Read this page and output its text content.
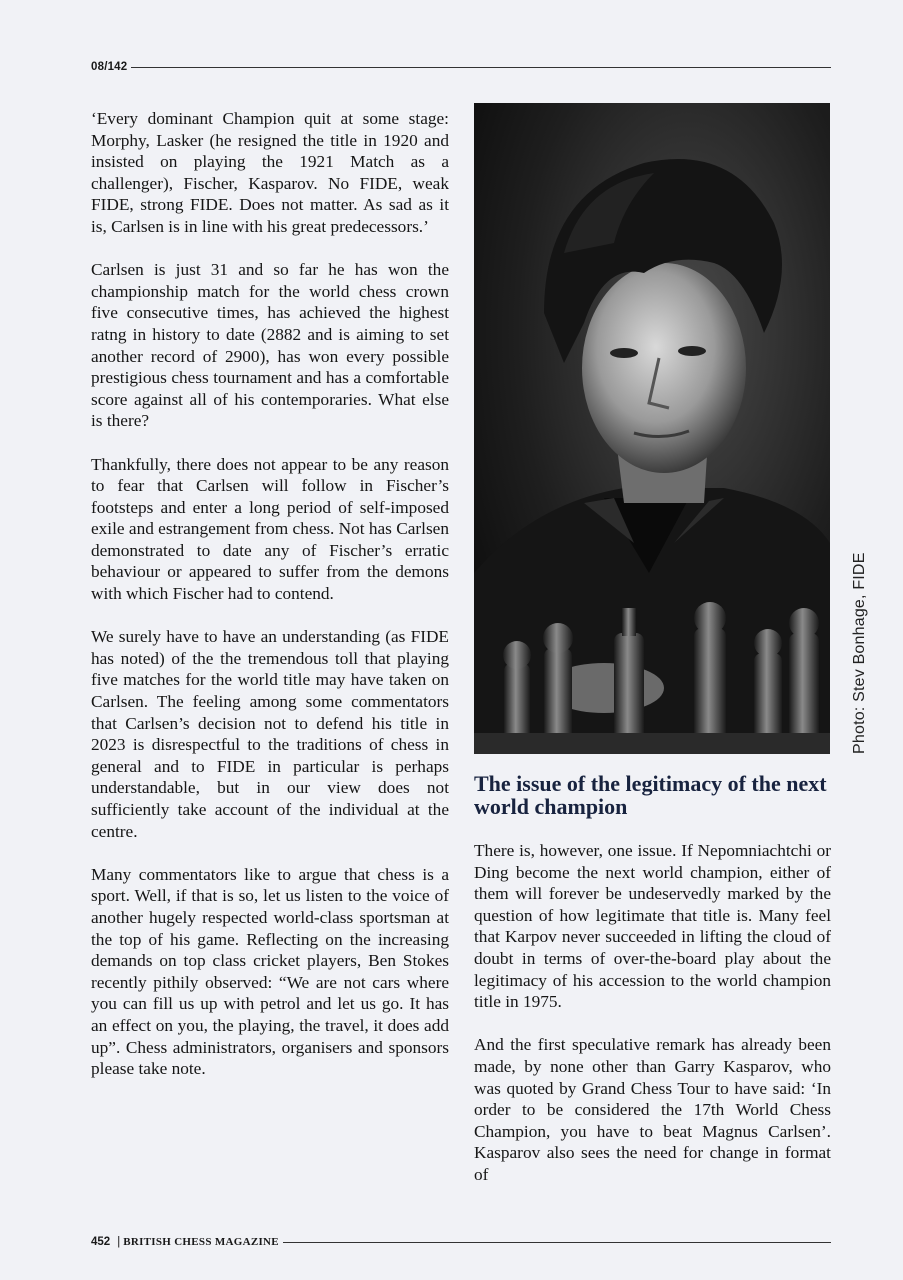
08/142

‘Every dominant Champion quit at some stage: Morphy, Lasker (he resigned the title in 1920 and insisted on playing the 1921 Match as a challenger), Fischer, Kasparov. No FIDE, weak FIDE, strong FIDE. Does not matter. As sad as it is, Carlsen is in line with his great predecessors.’

Carlsen is just 31 and so far he has won the championship match for the world chess crown five consecutive times, has achieved the highest ratng in history to date (2882 and is aiming to set another record of 2900), has won every possible prestigious chess tournament and has a comfortable score against all of his contemporaries. What else is there?

Thankfully, there does not appear to be any reason to fear that Carlsen will follow in Fischer’s footsteps and enter a long period of self-imposed exile and estrangement from chess. Not has Carlsen demonstrated to date any of Fischer’s erratic behaviour or appeared to suffer from the demons with which Fischer had to contend.

We surely have to have an understanding (as FIDE has noted) of the the tremendous toll that playing five matches for the world title may have taken on Carlsen. The feeling among some commentators that Carlsen’s decision not to defend his title in 2023 is disrespectful to the traditions of chess in general and to FIDE in particular is perhaps understandable, but in our view does not sufficiently take account of the individual at the centre.

Many commentators like to argue that chess is a sport. Well, if that is so, let us listen to the voice of another hugely respected world-class sportsman at the top of his game. Reflecting on the increasing demands on top class cricket players, Ben Stokes recently pithily observed: “We are not cars where you can fill us up with petrol and let us go. It has an effect on you, the playing, the travel, it does add up”. Chess administrators, organisers and sponsors please take note.

Photo: Stev Bonhage, FIDE
The issue of the legitimacy of the next world champion

There is, however, one issue. If Nepomniachtchi or Ding become the next world champion, either of them will forever be undeservedly marked by the question of how legitimate that title is. Many feel that Karpov never succeeded in lifting the cloud of doubt in terms of over-the-board play about the legitimacy of his accession to the world champion title in 1975.

And the first speculative remark has already been made, by none other than Garry Kasparov, who was quoted by Grand Chess Tour to have said: ‘In order to be considered the 17th World Chess Champion, you have to beat Magnus Carlsen’. Kasparov also sees the need for change in format of

452 | BRITISH CHESS MAGAZINE
